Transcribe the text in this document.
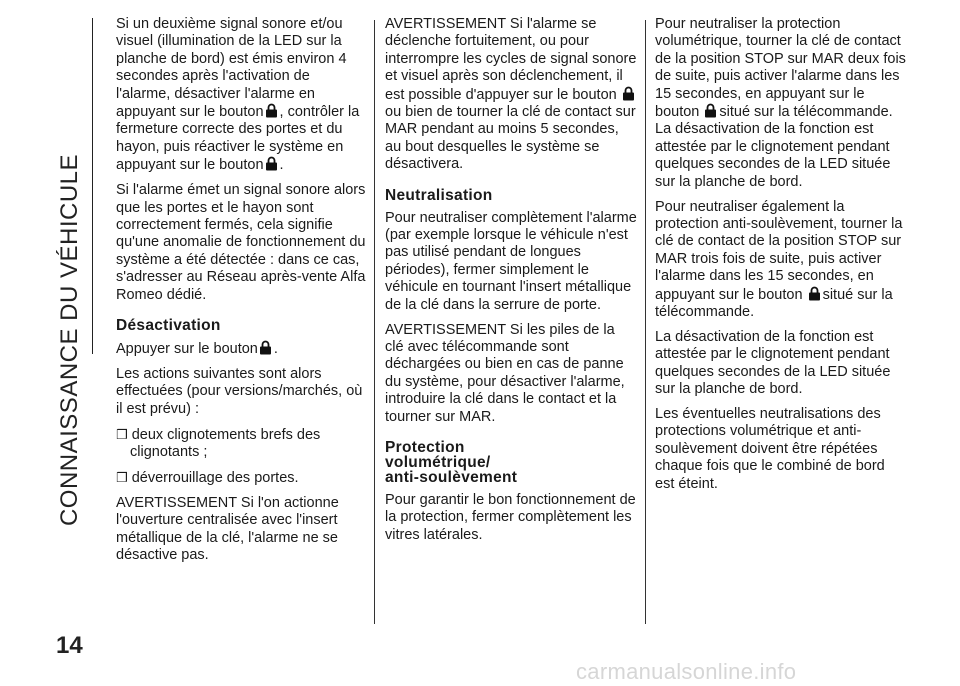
CONNAISSANCE DU VÉHICULE
14
carmanualsonline.info

Si un deuxième signal sonore et/ou visuel (illumination de la LED sur la planche de bord) est émis environ 4 secondes après l'activation de l'alarme, désactiver l'alarme en appuyant sur le bouton , contrôler la fermeture correcte des portes et du hayon, puis réactiver le système en appuyant sur le bouton .

Si l'alarme émet un signal sonore alors que les portes et le hayon sont correctement fermés, cela signifie qu'une anomalie de fonctionnement du système a été détectée : dans ce cas, s'adresser au Réseau après-vente Alfa Romeo dédié.

Désactivation

Appuyer sur le bouton .

Les actions suivantes sont alors effectuées (pour versions/marchés, où il est prévu) :

❒ deux clignotements brefs des clignotants ;

❒ déverrouillage des portes.

AVERTISSEMENT Si l'on actionne l'ouverture centralisée avec l'insert métallique de la clé, l'alarme ne se désactive pas.

AVERTISSEMENT Si l'alarme se déclenche fortuitement, ou pour interrompre les cycles de signal sonore et visuel après son déclenchement, il est possible d'appuyer sur le bouton ou bien de tourner la clé de contact sur MAR pendant au moins 5 secondes, au bout desquelles le système se désactivera.

Neutralisation

Pour neutraliser complètement l'alarme (par exemple lorsque le véhicule n'est pas utilisé pendant de longues périodes), fermer simplement le véhicule en tournant l'insert métallique de la clé dans la serrure de porte.

AVERTISSEMENT Si les piles de la clé avec télécommande sont déchargées ou bien en cas de panne du système, pour désactiver l'alarme, introduire la clé dans le contact et la tourner sur MAR.

Protection
volumétrique/
anti-soulèvement

Pour garantir le bon fonctionnement de la protection, fermer complètement les vitres latérales.

Pour neutraliser la protection volumétrique, tourner la clé de contact de la position STOP sur MAR deux fois de suite, puis activer l'alarme dans les 15 secondes, en appuyant sur le bouton situé sur la télécommande. La désactivation de la fonction est attestée par le clignotement pendant quelques secondes de la LED située sur la planche de bord.

Pour neutraliser également la protection anti-soulèvement, tourner la clé de contact de la position STOP sur MAR trois fois de suite, puis activer l'alarme dans les 15 secondes, en appuyant sur le bouton situé sur la télécommande.

La désactivation de la fonction est attestée par le clignotement pendant quelques secondes de la LED située sur la planche de bord.

Les éventuelles neutralisations des protections volumétrique et anti-soulèvement doivent être répétées chaque fois que le combiné de bord est éteint.
